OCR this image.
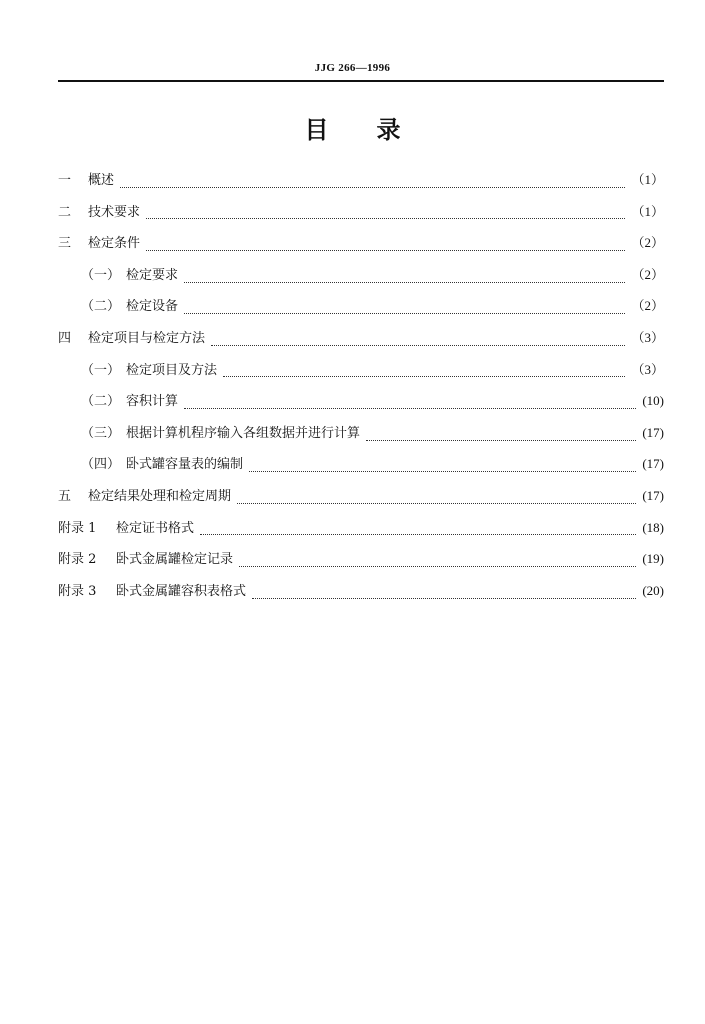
JJG 266—1996
目　　录
一	概述	（1）
二	技术要求	（1）
三	检定条件	（2）
（一） 检定要求	（2）
（二） 检定设备	（2）
四	检定项目与检定方法	（3）
（一） 检定项目及方法	（3）
（二） 容积计算	(10)
（三） 根据计算机程序输入各组数据并进行计算	(17)
（四） 卧式罐容量表的编制	(17)
五	检定结果处理和检定周期	(17)
附录 1	检定证书格式	(18)
附录 2	卧式金属罐检定记录	(19)
附录 3	卧式金属罐容积表格式	(20)
